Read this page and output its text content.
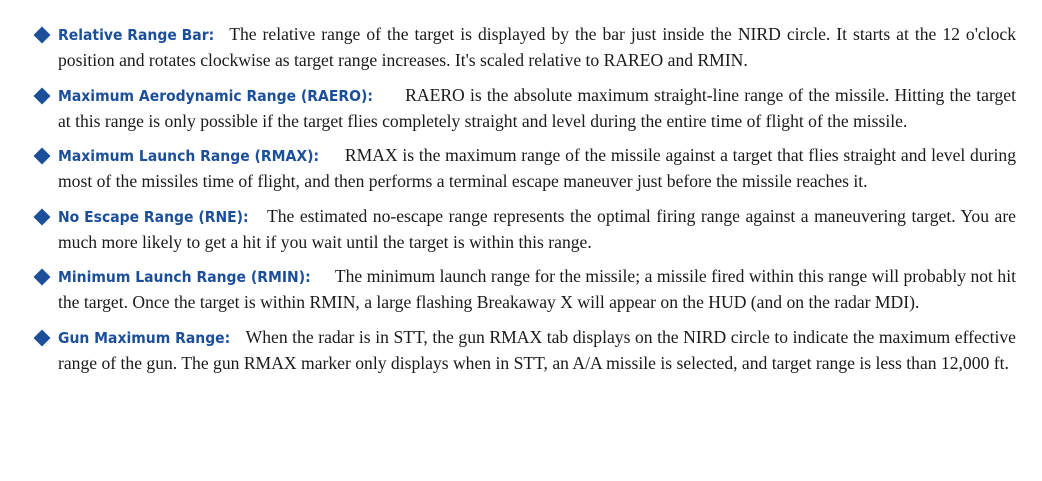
Relative Range Bar: The relative range of the target is displayed by the bar just inside the NIRD circle. It starts at the 12 o'clock position and rotates clockwise as target range increases. It's scaled relative to RAREO and RMIN.
Maximum Aerodynamic Range (RAERO): RAERO is the absolute maximum straight-line range of the missile. Hitting the target at this range is only possible if the target flies completely straight and level during the entire time of flight of the missile.
Maximum Launch Range (RMAX): RMAX is the maximum range of the missile against a target that flies straight and level during most of the missiles time of flight, and then performs a terminal escape maneuver just before the missile reaches it.
No Escape Range (RNE): The estimated no-escape range represents the optimal firing range against a maneuvering target. You are much more likely to get a hit if you wait until the target is within this range.
Minimum Launch Range (RMIN): The minimum launch range for the missile; a missile fired within this range will probably not hit the target. Once the target is within RMIN, a large flashing Breakaway X will appear on the HUD (and on the radar MDI).
Gun Maximum Range: When the radar is in STT, the gun RMAX tab displays on the NIRD circle to indicate the maximum effective range of the gun. The gun RMAX marker only displays when in STT, an A/A missile is selected, and target range is less than 12,000 ft.
